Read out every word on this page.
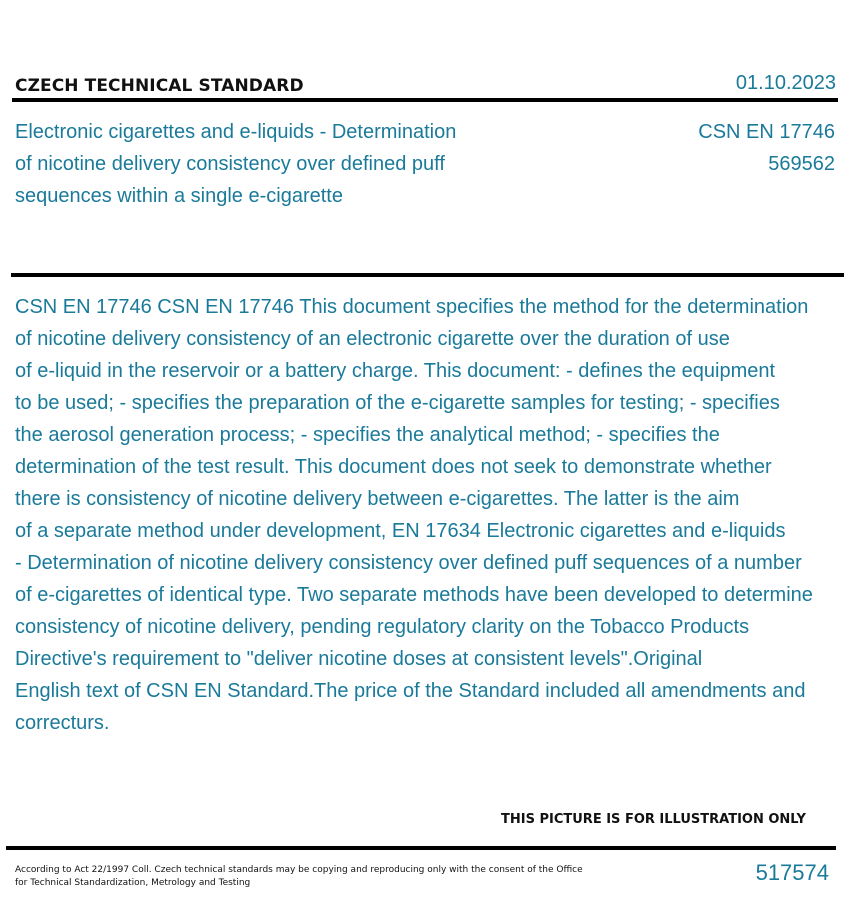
CZECH TECHNICAL STANDARD	01.10.2023
Electronic cigarettes and e-liquids - Determination
of nicotine delivery consistency over defined puff
sequences within a single e-cigarette
CSN EN 17746
569562
CSN EN 17746 CSN EN 17746 This document specifies the method for the determination
of nicotine delivery consistency of an electronic cigarette over the duration of use
of e-liquid in the reservoir or a battery charge. This document: - defines the equipment
to be used; - specifies the preparation of the e-cigarette samples for testing; - specifies
the aerosol generation process; - specifies the analytical method; - specifies the
determination of the test result. This document does not seek to demonstrate whether
there is consistency of nicotine delivery between e-cigarettes. The latter is the aim
of a separate method under development, EN 17634 Electronic cigarettes and e-liquids
- Determination of nicotine delivery consistency over defined puff sequences of a number
of e-cigarettes of identical type. Two separate methods have been developed to determine
consistency of nicotine delivery, pending regulatory clarity on the Tobacco Products
Directive's requirement to "deliver nicotine doses at consistent levels".Original
English text of CSN EN Standard.The price of the Standard included all amendments and
correcturs.
THIS PICTURE IS FOR ILLUSTRATION ONLY
According to Act 22/1997 Coll. Czech technical standards may be copying and reproducing only with the consent of the Office
for Technical Standardization, Metrology and Testing	517574
